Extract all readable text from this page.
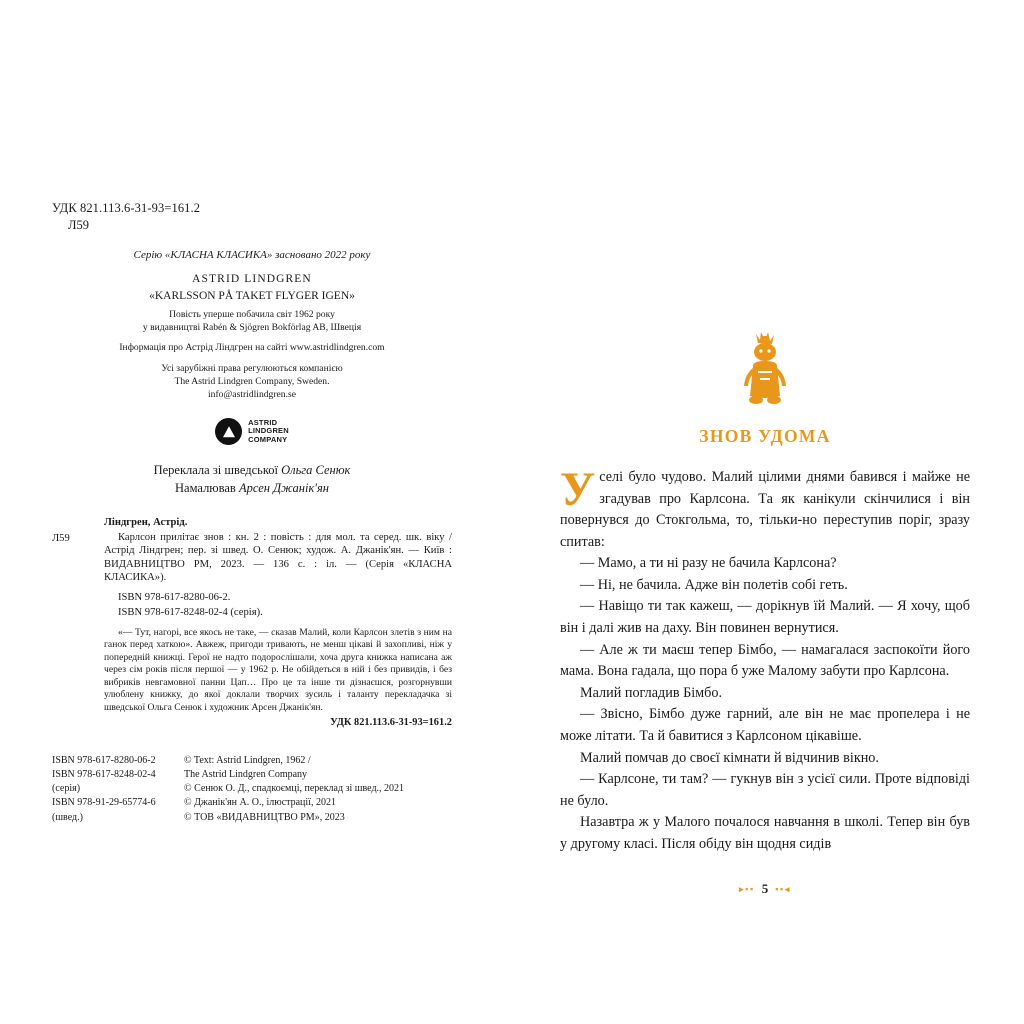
УДК 821.113.6-31-93=161.2
Л59
Серію «КЛАСНА КЛАСИКА» засновано 2022 року
ASTRID LINDGREN
«KARLSSON PÅ TAKET FLYGER IGEN»
Повість уперше побачила світ 1962 року
у видавництві Rabén & Sjögren Bokförlag AB, Швеція
Інформація про Астрід Ліндгрен на сайті www.astridlindgren.com
Усі зарубіжні права регулюються компанією
The Astrid Lindgren Company, Sweden.
info@astridlindgren.se
ASTRID
LINDGREN
COMPANY
Переклала зі шведської Ольга Сенюк
Намалював Арсен Джанік'ян
Ліндгрен, Астрід.
Л59	Карлсон прилітає знов : кн. 2 : повість : для мол. та серед. шк. віку / Астрід Ліндгрен; пер. зі швед. О. Сенюк; худож. А. Джанік'ян. — Київ : ВИДАВНИЦТВО РМ, 2023. — 136 с. : іл. — (Серія «КЛАСНА КЛАСИКА»).

ISBN 978-617-8280-06-2.
ISBN 978-617-8248-02-4 (серія).
«— Тут, нагорі, все якось не таке, — сказав Малий, коли Карлсон злетів з ним на ганок перед хаткою». Авжеж, пригоди тривають, не менш цікаві й захопливі, ніж у попередній книжці. Герої не надто подорослішали, хоча друга книжка написана аж через сім років після першої — у 1962 р. Не обійдеться в ній і без привидів, і без вибриків невгамовної панни Цап… Про це та інше ти дізнаєшся, розгорнувши улюблену книжку, до якої доклали творчих зусиль і таланту перекладачка зі шведської Ольга Сенюк і художник Арсен Джанік'ян.
УДК 821.113.6-31-93=161.2
ISBN 978-617-8280-06-2
ISBN 978-617-8248-02-4 (серія)
ISBN 978-91-29-65774-6 (швед.)
© Text: Astrid Lindgren, 1962 /
The Astrid Lindgren Company
© Сенюк О. Д., спадкоємці, переклад зі швед., 2021
© Джанік'ян А. О., ілюстрації, 2021
© ТОВ «ВИДАВНИЦТВО РМ», 2023
ЗНОВ УДОМА

Уселі було чудово. Малий цілими днями бавився і майже не згадував про Карлсона. Та як канікули скінчилися і він повернувся до Стокгольма, то, тільки-но переступив поріг, зразу спитав:

— Мамо, а ти ні разу не бачила Карлсона?

— Ні, не бачила. Адже він полетів собі геть.

— Навіщо ти так кажеш, — дорікнув їй Малий. — Я хочу, щоб він і далі жив на даху. Він повинен вернутися.

— Але ж ти маєш тепер Бімбо, — намагалася заспокоїти його мама. Вона гадала, що пора б уже Малому забути про Карлсона.

Малий погладив Бімбо.

— Звісно, Бімбо дуже гарний, але він не має пропелера і не може літати. Та й бавитися з Карлсоном цікавіше.

Малий помчав до своєї кімнати й відчинив вікно.

— Карлсоне, ти там? — гукнув він з усієї сили. Проте відповіді не було.

Назавтра ж у Малого почалося навчання в школі. Тепер він був у другому класі. Після обіду він щодня сидів

▸▪▪ 5 ▪▪◂
